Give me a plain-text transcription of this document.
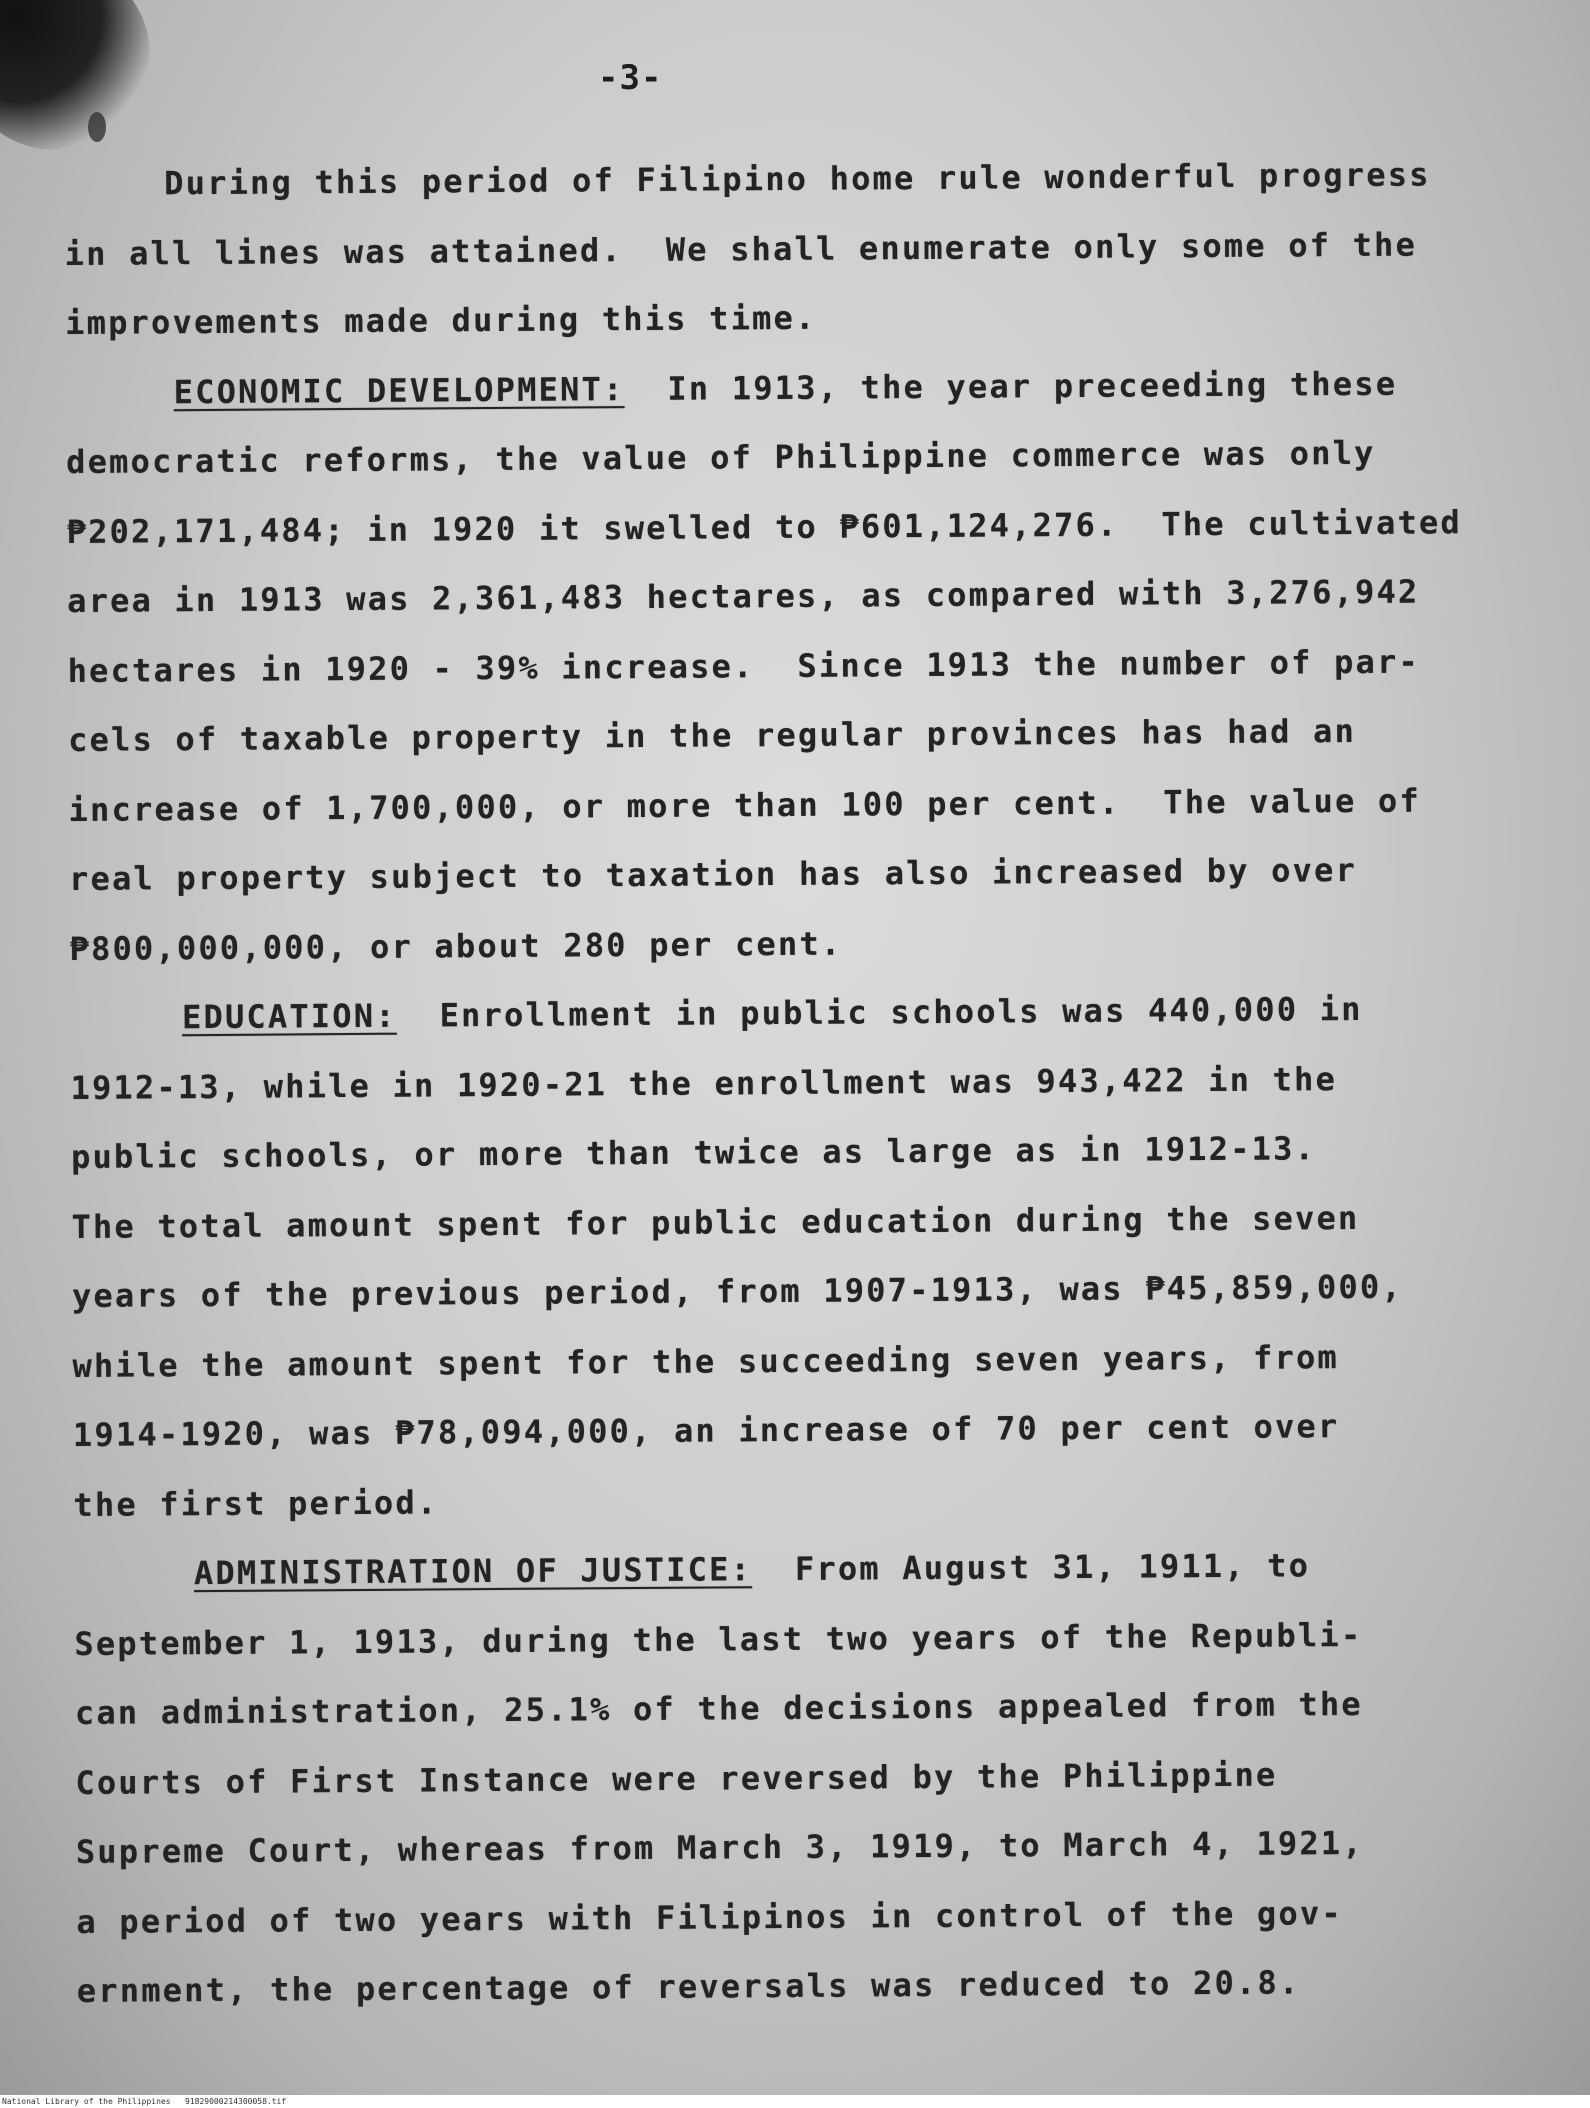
-3-
During this period of Filipino home rule wonderful progress
in all lines was attained.  We shall enumerate only some of the
improvements made during this time.
ECONOMIC DEVELOPMENT:  In 1913, the year preceeding these
democratic reforms, the value of Philippine commerce was only
₱202,171,484; in 1920 it swelled to ₱601,124,276.  The cultivated
area in 1913 was 2,361,483 hectares, as compared with 3,276,942
hectares in 1920 - 39% increase.  Since 1913 the number of par-
cels of taxable property in the regular provinces has had an
increase of 1,700,000, or more than 100 per cent.  The value of
real property subject to taxation has also increased by over
₱800,000,000, or about 280 per cent.
EDUCATION:  Enrollment in public schools was 440,000 in
1912-13, while in 1920-21 the enrollment was 943,422 in the
public schools, or more than twice as large as in 1912-13.
The total amount spent for public education during the seven
years of the previous period, from 1907-1913, was ₱45,859,000,
while the amount spent for the succeeding seven years, from
1914-1920, was ₱78,094,000, an increase of 70 per cent over
the first period.
ADMINISTRATION OF JUSTICE:  From August 31, 1911, to
September 1, 1913, during the last two years of the Republi-
can administration, 25.1% of the decisions appealed from the
Courts of First Instance were reversed by the Philippine
Supreme Court, whereas from March 3, 1919, to March 4, 1921,
a period of two years with Filipinos in control of the gov-
ernment, the percentage of reversals was reduced to 20.8.
National Library of the Philippines   91829000214300058.tif
